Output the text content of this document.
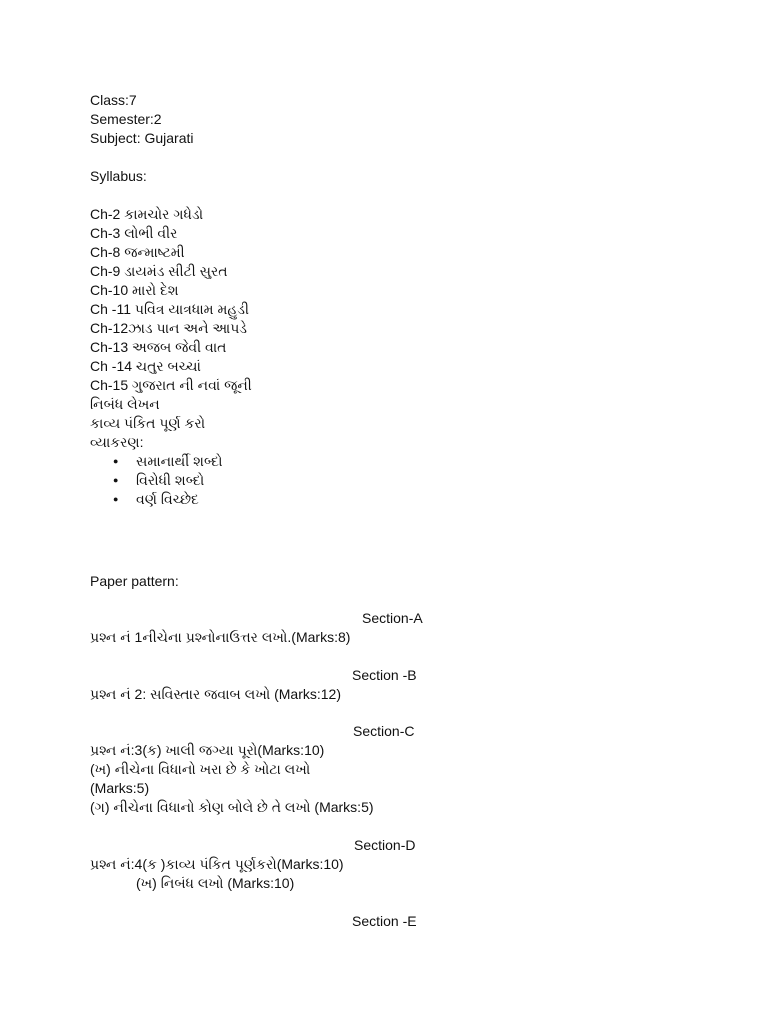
Class:7
Semester:2
Subject: Gujarati
Syllabus:
Ch-2 કામચોર ગધેડો
Ch-3 લોભી વીર
Ch-8 જન્માષ્ટમી
Ch-9 ડાયમંડ સીટી સુરત
Ch-10 મારો દેશ
Ch -11 પવિત્ર યાત્રધામ મહુડી
Ch-12ઝાડ પાન અને આપડે
Ch-13 અજબ જેવી વાત
Ch -14 ચતુર બચ્ચાં
Ch-15 ગુજરાત ની નવાં જૂની
નિબંધ લેખન
કાવ્ય પંકિત પૂર્ણ કરો
વ્યાકરણ:
● સમાનાર્થી શબ્દો
● વિરોધી શબ્દો
● વર્ણ વિચ્છેદ
Paper pattern:
Section-A
પ્રશ્ન નં 1નીચેના પ્રશ્નોનાઉત્તર લખો.(Marks:8)
Section -B
પ્રશ્ન નં 2: સવિસ્તાર જવાબ લખો (Marks:12)
Section-C
પ્રશ્ન નં:3(ક) ખાલી જગ્યા પૂરો(Marks:10)
(ખ) નીચેના વિધાનો ખરા છે કે ખોટા લખો
(Marks:5)
(ગ) નીચેના વિધાનો કોણ બોલે છે તે લખો (Marks:5)
Section-D
પ્રશ્ન નં:4(ક )કાવ્ય પંકિત પૂર્ણકરો(Marks:10)
(ખ) નિબંધ લખો (Marks:10)
Section -E
